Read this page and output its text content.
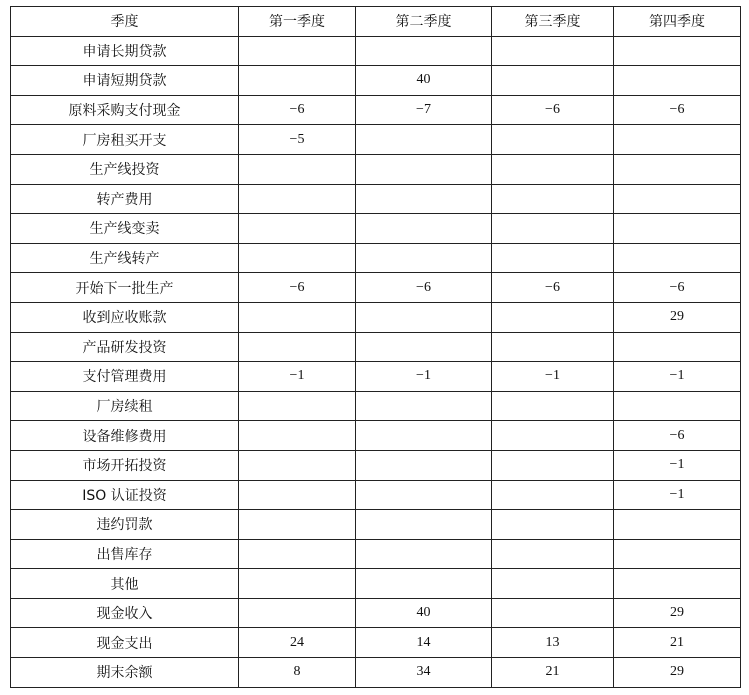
季度	第一季度	第二季度	第三季度	第四季度
申请长期贷款				
申请短期贷款		40		
原料采购支付现金	−6	−7	−6	−6
厂房租买开支	−5			
生产线投资				
转产费用				
生产线变卖				
生产线转产				
开始下一批生产	−6	−6	−6	−6
收到应收账款				29
产品研发投资				
支付管理费用	−1	−1	−1	−1
厂房续租				
设备维修费用				−6
市场开拓投资				−1
ISO 认证投资				−1
违约罚款				
出售库存				
其他				
现金收入		40		29
现金支出	24	14	13	21
期末余额	8	34	21	29
